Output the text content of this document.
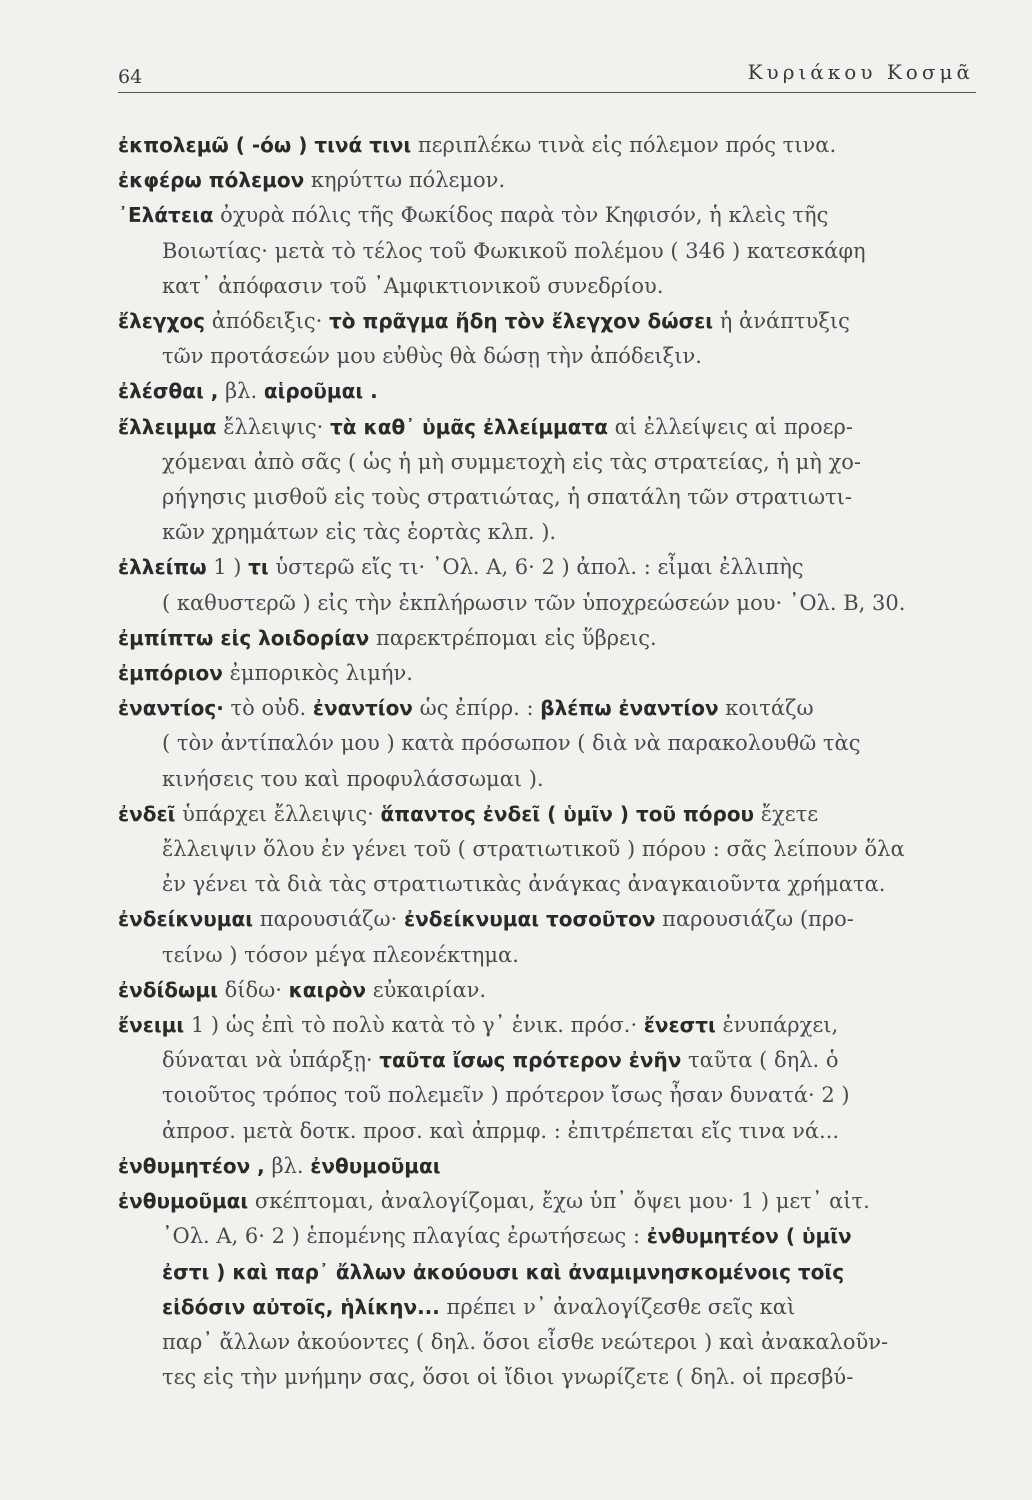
64	Κυριάκου Κοσμᾶ

ἐκπολεμῶ ( -όω ) τινά τινι περιπλέκω τινὰ εἰς πόλεμον πρός τινα.

ἐκφέρω πόλεμον κηρύττω πόλεμον.

᾿Ελάτεια ὀχυρὰ πόλις τῆς Φωκίδος παρὰ τὸν Κηφισόν, ἡ κλεὶς τῆς
Βοιωτίας· μετὰ τὸ τέλος τοῦ Φωκικοῦ πολέμου ( 346 ) κατεσκάφη
κατ᾽ ἀπόφασιν τοῦ ᾿Αμφικτιονικοῦ συνεδρίου.

ἔλεγχος ἀπόδειξις· τὸ πρᾶγμα ἤδη τὸν ἔλεγχον δώσει ἡ ἀνάπτυξις
τῶν προτάσεών μου εὐθὺς θὰ δώσῃ τὴν ἀπόδειξιν.

ἐλέσθαι , βλ. αἱροῦμαι .

ἔλλειμμα ἔλλειψις· τὰ καθ᾽ ὑμᾶς ἐλλείμματα αἱ ἐλλείψεις αἱ προερ-
χόμεναι ἀπὸ σᾶς ( ὡς ἡ μὴ συμμετοχὴ εἰς τὰς στρατείας, ἡ μὴ χο-
ρήγησις μισθοῦ εἰς τοὺς στρατιώτας, ἡ σπατάλη τῶν στρατιωτι-
κῶν χρημάτων εἰς τὰς ἑορτὰς κλπ. ).

ἐλλείπω 1 ) τι ὑστερῶ εἴς τι· ᾿Ολ. Α, 6· 2 ) ἀπολ. : εἶμαι ἐλλιπὴς
( καθυστερῶ ) εἰς τὴν ἐκπλήρωσιν τῶν ὑποχρεώσεών μου· ᾿Ολ. Β, 30.

ἐμπίπτω εἰς λοιδορίαν παρεκτρέπομαι εἰς ὕβρεις.

ἐμπόριον ἐμπορικὸς λιμήν.

ἐναντίος· τὸ οὐδ. ἐναντίον ὡς ἐπίρρ. : βλέπω ἐναντίον κοιτάζω
( τὸν ἀντίπαλόν μου ) κατὰ πρόσωπον ( διὰ νὰ παρακολουθῶ τὰς
κινήσεις του καὶ προφυλάσσωμαι ).

ἐνδεῖ ὑπάρχει ἔλλειψις· ἅπαντος ἐνδεῖ ( ὑμῖν ) τοῦ πόρου ἔχετε
ἔλλειψιν ὅλου ἐν γένει τοῦ ( στρατιωτικοῦ ) πόρου : σᾶς λείπουν ὅλα
ἐν γένει τὰ διὰ τὰς στρατιωτικὰς ἀνάγκας ἀναγκαιοῦντα χρήματα.

ἐνδείκνυμαι παρουσιάζω· ἐνδείκνυμαι τοσοῦτον παρουσιάζω (προ-
τείνω ) τόσον μέγα πλεονέκτημα.

ἐνδίδωμι δίδω· καιρὸν εὐκαιρίαν.

ἔνειμι 1 ) ὡς ἐπὶ τὸ πολὺ κατὰ τὸ γ᾽ ἑνικ. πρόσ.· ἔνεστι ἐνυπάρχει,
δύναται νὰ ὑπάρξῃ· ταῦτα ἴσως πρότερον ἐνῆν ταῦτα ( δηλ. ὁ
τοιοῦτος τρόπος τοῦ πολεμεῖν ) πρότερον ἴσως ἦσαν δυνατά· 2 )
ἀπροσ. μετὰ δοτκ. προσ. καὶ ἀπρμφ. : ἐπιτρέπεται εἴς τινα νά...

ἐνθυμητέον , βλ. ἐνθυμοῦμαι

ἐνθυμοῦμαι σκέπτομαι, ἀναλογίζομαι, ἔχω ὑπ᾽ ὄψει μου· 1 ) μετ᾽ αἰτ.
᾿Ολ. Α, 6· 2 ) ἑπομένης πλαγίας ἐρωτήσεως : ἐνθυμητέον ( ὑμῖν
ἐστι ) καὶ παρ᾽ ἄλλων ἀκούουσι καὶ ἀναμιμνησκομένοις τοῖς
εἰδόσιν αὐτοῖς, ἡλίκην... πρέπει ν᾽ ἀναλογίζεσθε σεῖς καὶ
παρ᾽ ἄλλων ἀκούοντες ( δηλ. ὅσοι εἶσθε νεώτεροι ) καὶ ἀνακαλοῦν-
τες εἰς τὴν μνήμην σας, ὅσοι οἱ ἴδιοι γνωρίζετε ( δηλ. οἱ πρεσβύ-
